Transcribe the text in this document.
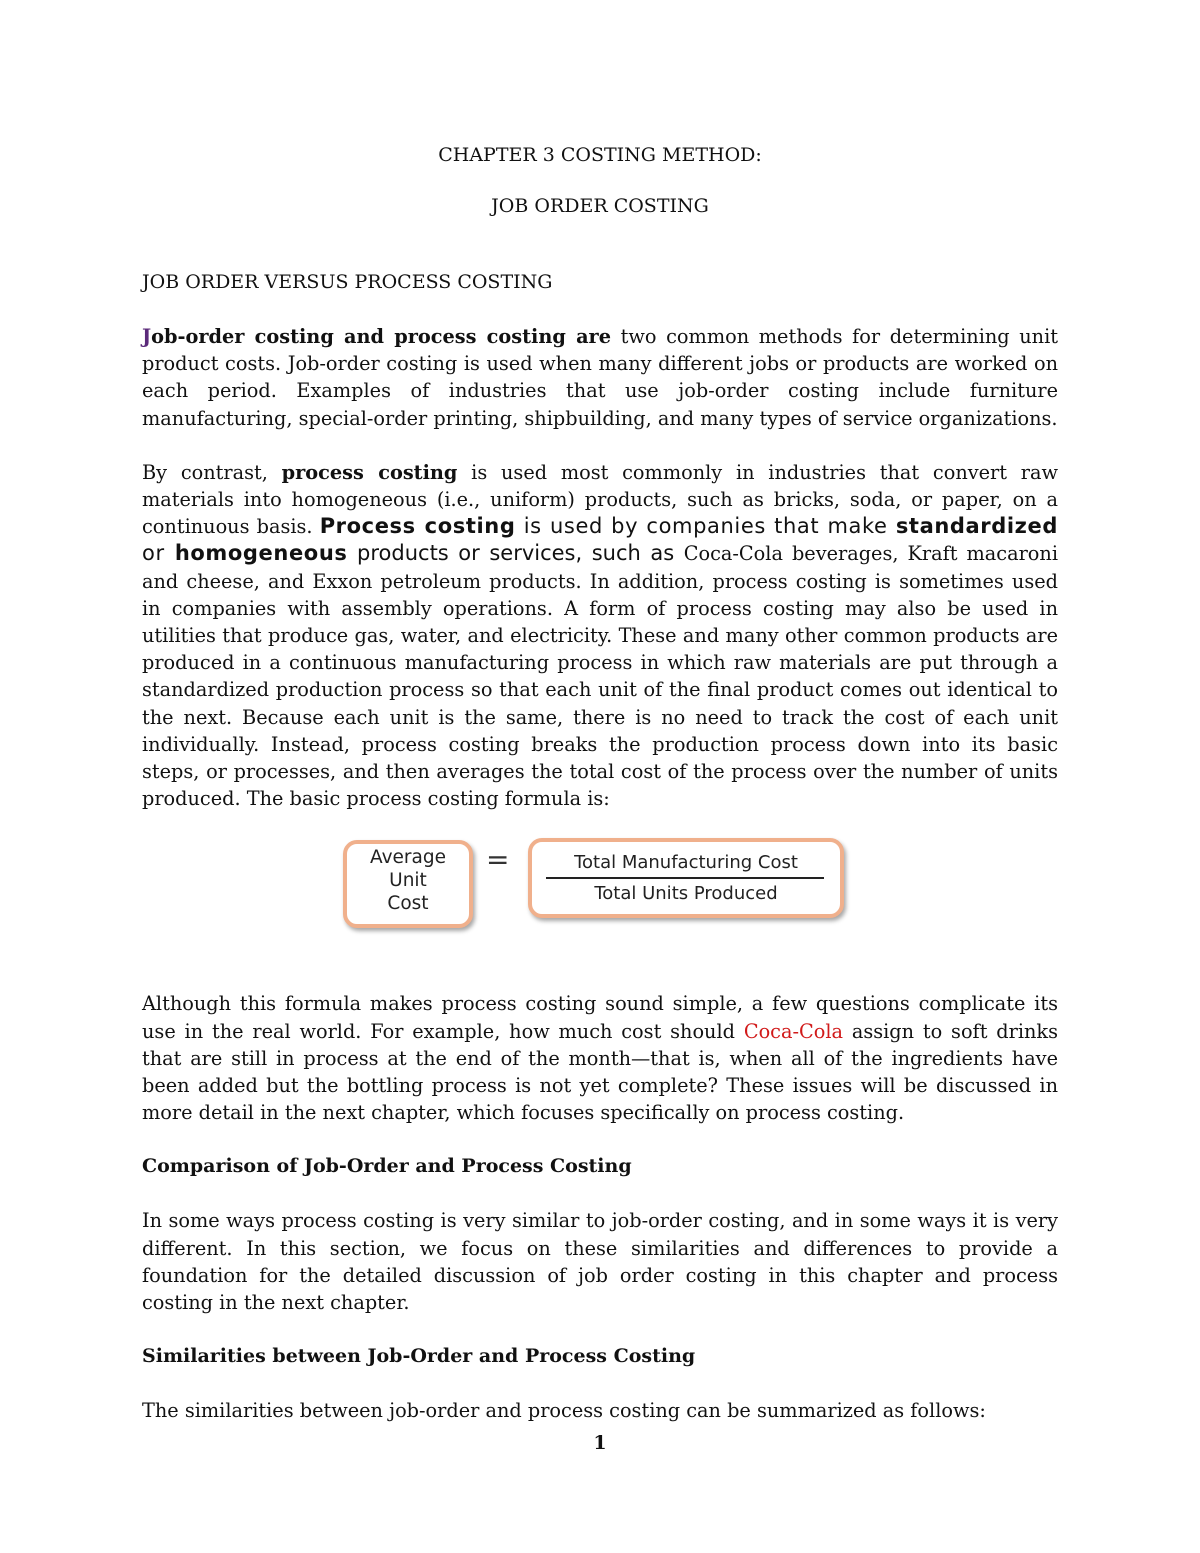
CHAPTER 3 COSTING METHOD:

JOB ORDER COSTING

JOB ORDER VERSUS PROCESS COSTING

Job-order costing and process costing are two common methods for determining unit product costs. Job-order costing is used when many different jobs or products are worked on each period. Examples of industries that use job-order costing include furniture manufacturing, special-order printing, shipbuilding, and many types of service organizations.

By contrast, process costing is used most commonly in industries that convert raw materials into homogeneous (i.e., uniform) products, such as bricks, soda, or paper, on a continuous basis. Process costing is used by companies that make standardized or homogeneous products or services, such as Coca-Cola beverages, Kraft macaroni and cheese, and Exxon petroleum products. In addition, process costing is sometimes used in companies with assembly operations. A form of process costing may also be used in utilities that produce gas, water, and electricity. These and many other common products are produced in a continuous manufacturing process in which raw materials are put through a standardized production process so that each unit of the final product comes out identical to the next. Because each unit is the same, there is no need to track the cost of each unit individually. Instead, process costing breaks the production process down into its basic steps, or processes, and then averages the total cost of the process over the number of units produced. The basic process costing formula is:

Average
Unit
Cost
=	Total Manufacturing Cost
Total Units Produced

Although this formula makes process costing sound simple, a few questions complicate its use in the real world. For example, how much cost should Coca-Cola assign to soft drinks that are still in process at the end of the month—that is, when all of the ingredients have been added but the bottling process is not yet complete? These issues will be discussed in more detail in the next chapter, which focuses specifically on process costing.

Comparison of Job-Order and Process Costing

In some ways process costing is very similar to job-order costing, and in some ways it is very different. In this section, we focus on these similarities and differences to provide a foundation for the detailed discussion of job order costing in this chapter and process costing in the next chapter.

Similarities between Job-Order and Process Costing

The similarities between job-order and process costing can be summarized as follows:

1
